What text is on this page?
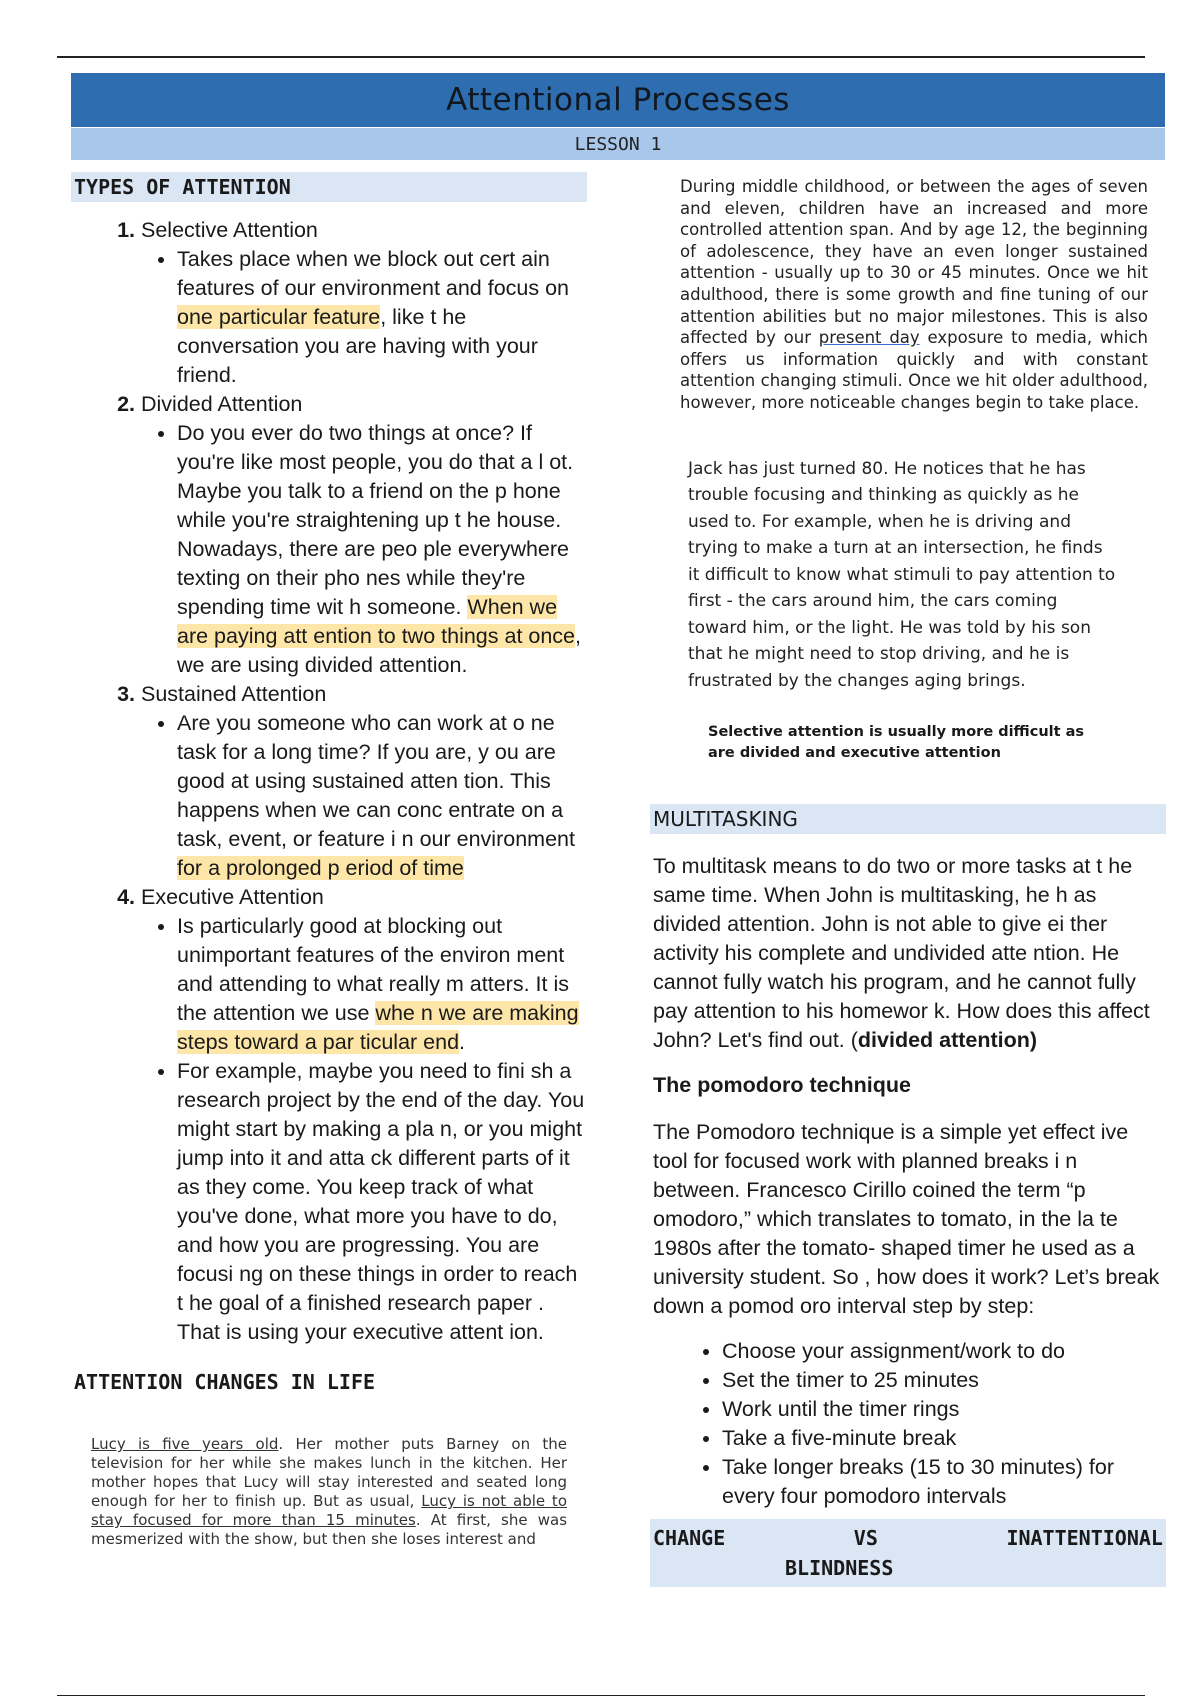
Attentional Processes
LESSON 1
TYPES OF ATTENTION
1. Selective Attention
• Takes place when we block out cert ain features of our environment and focus on one particular feature, like t he conversation you are having with your friend.
2. Divided Attention
• Do you ever do two things at once? If you're like most people, you do that a l ot. Maybe you talk to a friend on the p hone while you're straightening up t he house. Nowadays, there are peo ple everywhere texting on their pho nes while they're spending time wit h someone. When we are paying att ention to two things at once, we are using divided attention.
3. Sustained Attention
• Are you someone who can work at o ne task for a long time? If you are, y ou are good at using sustained atten tion. This happens when we can conc entrate on a task, event, or feature i n our environment for a prolonged p eriod of time
4. Executive Attention
• Is particularly good at blocking out unimportant features of the environ ment and attending to what really m atters. It is the attention we use whe n we are making steps toward a par ticular end.
• For example, maybe you need to fini sh a research project by the end of the day. You might start by making a pla n, or you might jump into it and atta ck different parts of it as they come. You keep track of what you've done, what more you have to do, and how you are progressing. You are focusi ng on these things in order to reach t he goal of a finished research paper . That is using your executive attent ion.
ATTENTION CHANGES IN LIFE
Lucy is five years old. Her mother puts Barney on the television for her while she makes lunch in the kitchen. Her mother hopes that Lucy will stay interested and seated long enough for her to finish up. But as usual, Lucy is not able to stay focused for more than 15 minutes. At first, she was mesmerized with the show, but then she loses interest and
During middle childhood, or between the ages of seven and eleven, children have an increased and more controlled attention span. And by age 12, the beginning of adolescence, they have an even longer sustained attention - usually up to 30 or 45 minutes. Once we hit adulthood, there is some growth and fine tuning of our attention abilities but no major milestones. This is also affected by our present day exposure to media, which offers us information quickly and with constant attention changing stimuli. Once we hit older adulthood, however, more noticeable changes begin to take place.
Jack has just turned 80. He notices that he has trouble focusing and thinking as quickly as he used to. For example, when he is driving and trying to make a turn at an intersection, he finds it difficult to know what stimuli to pay attention to first - the cars around him, the cars coming toward him, or the light. He was told by his son that he might need to stop driving, and he is frustrated by the changes aging brings.
Selective attention is usually more difficult as are divided and executive attention
MULTITASKING
To multitask means to do two or more tasks at t he same time. When John is multitasking, he h as divided attention. John is not able to give ei ther activity his complete and undivided atte ntion. He cannot fully watch his program, and he cannot fully pay attention to his homewor k. How does this affect John? Let's find out. (divided attention)
The pomodoro technique
The Pomodoro technique is a simple yet effect ive tool for focused work with planned breaks i n between. Francesco Cirillo coined the term “p omodoro,” which translates to tomato, in the la te 1980s after the tomato- shaped timer he used as a university student. So , how does it work? Let’s break down a pomod oro interval step by step:
• Choose your assignment/work to do
• Set the timer to 25 minutes
• Work until the timer rings
• Take a five-minute break
• Take longer breaks (15 to 30 minutes) for every four pomodoro intervals
CHANGE	VS	INATTENTIONAL
BLINDNESS
